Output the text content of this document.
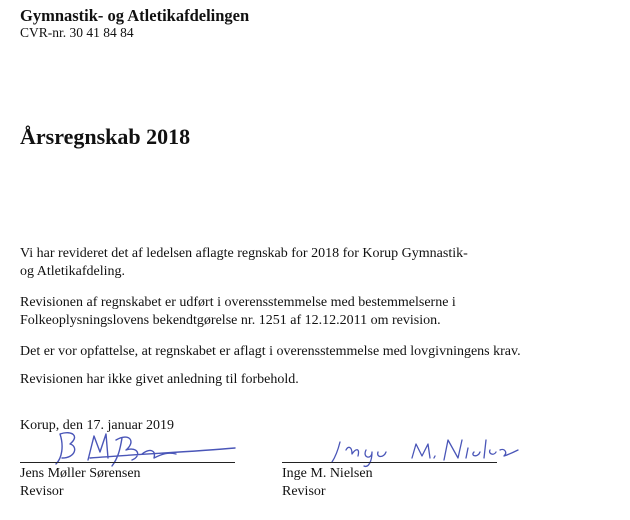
Gymnastik- og Atletikafdelingen
CVR-nr. 30 41 84 84
Årsregnskab 2018
Vi har revideret det af ledelsen aflagte regnskab for 2018 for Korup Gymnastik-
og Atletikafdeling.
Revisionen af regnskabet er udført i overensstemmelse med bestemmelserne i
Folkeoplysningslovens bekendtgørelse nr. 1251 af 12.12.2011 om revision.
Det er vor opfattelse, at regnskabet er aflagt i overensstemmelse med lovgivningens krav.
Revisionen har ikke givet anledning til forbehold.
Korup, den 17. januar 2019
Jens Møller Sørensen
Revisor
Inge M. Nielsen
Revisor
